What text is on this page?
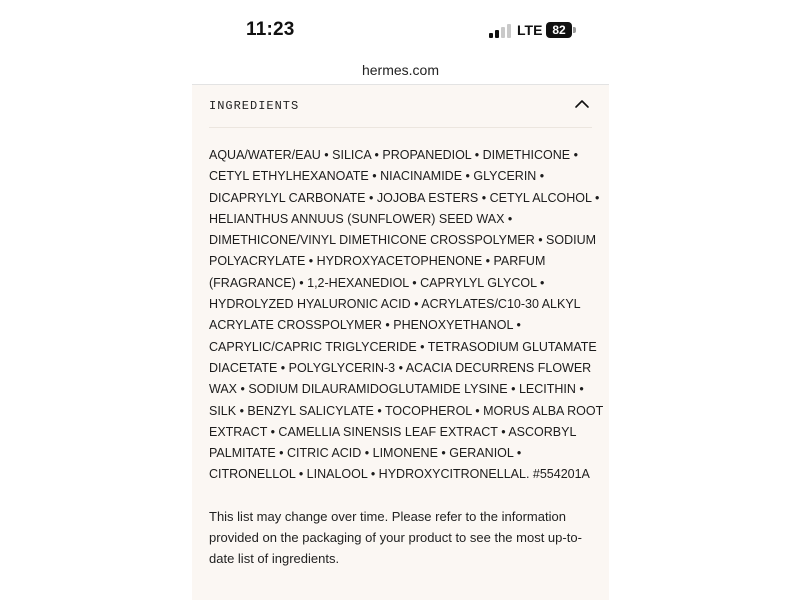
11:23	LTE 82
hermes.com
INGREDIENTS

AQUA/WATER/EAU • SILICA • PROPANEDIOL • DIMETHICONE •
CETYL ETHYLHEXANOATE • NIACINAMIDE • GLYCERIN •
DICAPRYLYL CARBONATE • JOJOBA ESTERS • CETYL ALCOHOL •
HELIANTHUS ANNUUS (SUNFLOWER) SEED WAX •
DIMETHICONE/VINYL DIMETHICONE CROSSPOLYMER • SODIUM
POLYACRYLATE • HYDROXYACETOPHENONE • PARFUM
(FRAGRANCE) • 1,2-HEXANEDIOL • CAPRYLYL GLYCOL •
HYDROLYZED HYALURONIC ACID • ACRYLATES/C10-30 ALKYL
ACRYLATE CROSSPOLYMER • PHENOXYETHANOL •
CAPRYLIC/CAPRIC TRIGLYCERIDE • TETRASODIUM GLUTAMATE
DIACETATE • POLYGLYCERIN-3 • ACACIA DECURRENS FLOWER
WAX • SODIUM DILAURAMIDOGLUTAMIDE LYSINE • LECITHIN •
SILK • BENZYL SALICYLATE • TOCOPHEROL • MORUS ALBA ROOT
EXTRACT • CAMELLIA SINENSIS LEAF EXTRACT • ASCORBYL
PALMITATE • CITRIC ACID • LIMONENE • GERANIOL •
CITRONELLOL • LINALOOL • HYDROXYCITRONELLAL. #554201A

This list may change over time. Please refer to the information
provided on the packaging of your product to see the most up-to-
date list of ingredients.
